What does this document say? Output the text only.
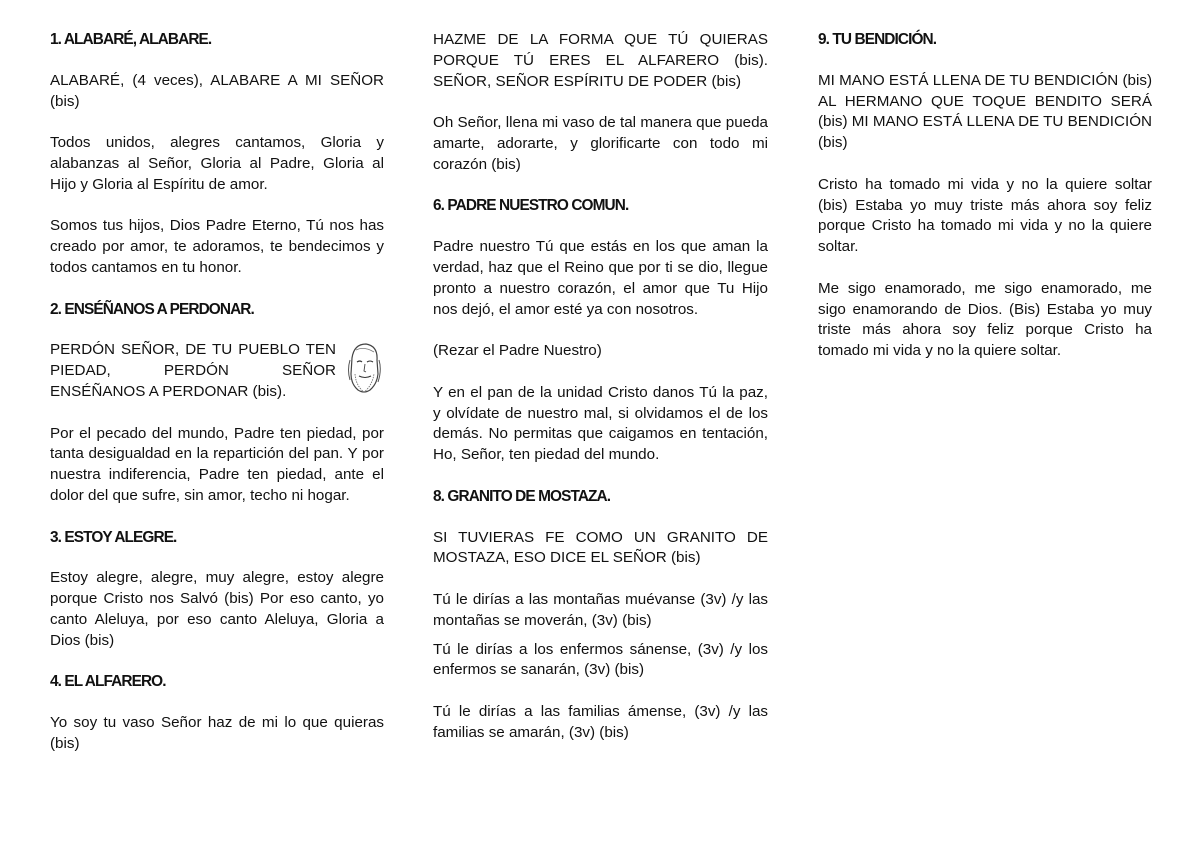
1. ALABARÉ, ALABARE.

ALABARÉ, (4 veces), ALABARE A MI SEÑOR (bis)

Todos unidos, alegres cantamos, Gloria y alabanzas al Señor, Gloria al Padre, Gloria al Hijo y Gloria al Espíritu de amor.

Somos tus hijos, Dios Padre Eterno, Tú nos has creado por amor, te adoramos, te bendecimos y todos cantamos en tu honor.

2. ENSÉÑANOS A PERDONAR.

PERDÓN SEÑOR, DE TU PUEBLO TEN PIEDAD, PERDÓN SEÑOR ENSÉÑANOS A PERDONAR (bis).

Por el pecado del mundo, Padre ten piedad, por tanta desigualdad en la repartición del pan. Y por nuestra indiferencia, Padre ten piedad, ante el dolor del que sufre, sin amor, techo ni hogar.

3. ESTOY ALEGRE.

Estoy alegre, alegre, muy alegre, estoy alegre porque Cristo nos Salvó (bis) Por eso canto, yo canto Aleluya, por eso canto Aleluya, Gloria a Dios (bis)

4. EL ALFARERO.

Yo soy tu vaso Señor haz de mi lo que quieras (bis)

HAZME DE LA FORMA QUE TÚ QUIERAS PORQUE TÚ ERES EL ALFARERO (bis). SEÑOR, SEÑOR ESPÍRITU DE PODER (bis)

Oh Señor, llena mi vaso de tal manera que pueda amarte, adorarte, y glorificarte con todo mi corazón (bis)

6. PADRE NUESTRO COMUN.

Padre nuestro Tú que estás en los que aman la verdad, haz que el Reino que por ti se dio, llegue pronto a nuestro corazón, el amor que Tu Hijo nos dejó, el amor esté ya con nosotros.

(Rezar el Padre Nuestro)

Y en el pan de la unidad Cristo danos Tú la paz, y olvídate de nuestro mal, si olvidamos el de los demás. No permitas que caigamos en tentación, Ho, Señor, ten piedad del mundo.

8. GRANITO DE MOSTAZA.

SI TUVIERAS FE COMO UN GRANITO DE MOSTAZA, ESO DICE EL SEÑOR (bis)

Tú le dirías a las montañas muévanse (3v) /y las montañas se moverán, (3v) (bis)

Tú le dirías a los enfermos sánense, (3v) /y los enfermos se sanarán, (3v) (bis)

Tú le dirías a las familias ámense, (3v) /y las familias se amarán, (3v) (bis)

9. TU BENDICIÓN.

MI MANO ESTÁ LLENA DE TU BENDICIÓN (bis) AL HERMANO QUE TOQUE BENDITO SERÁ (bis) MI MANO ESTÁ LLENA DE TU BENDICIÓN (bis)

Cristo ha tomado mi vida y no la quiere soltar (bis) Estaba yo muy triste más ahora soy feliz porque Cristo ha tomado mi vida y no la quiere soltar.

Me sigo enamorado, me sigo enamorado, me sigo enamorando de Dios. (Bis) Estaba yo muy triste más ahora soy feliz porque Cristo ha tomado mi vida y no la quiere soltar.
